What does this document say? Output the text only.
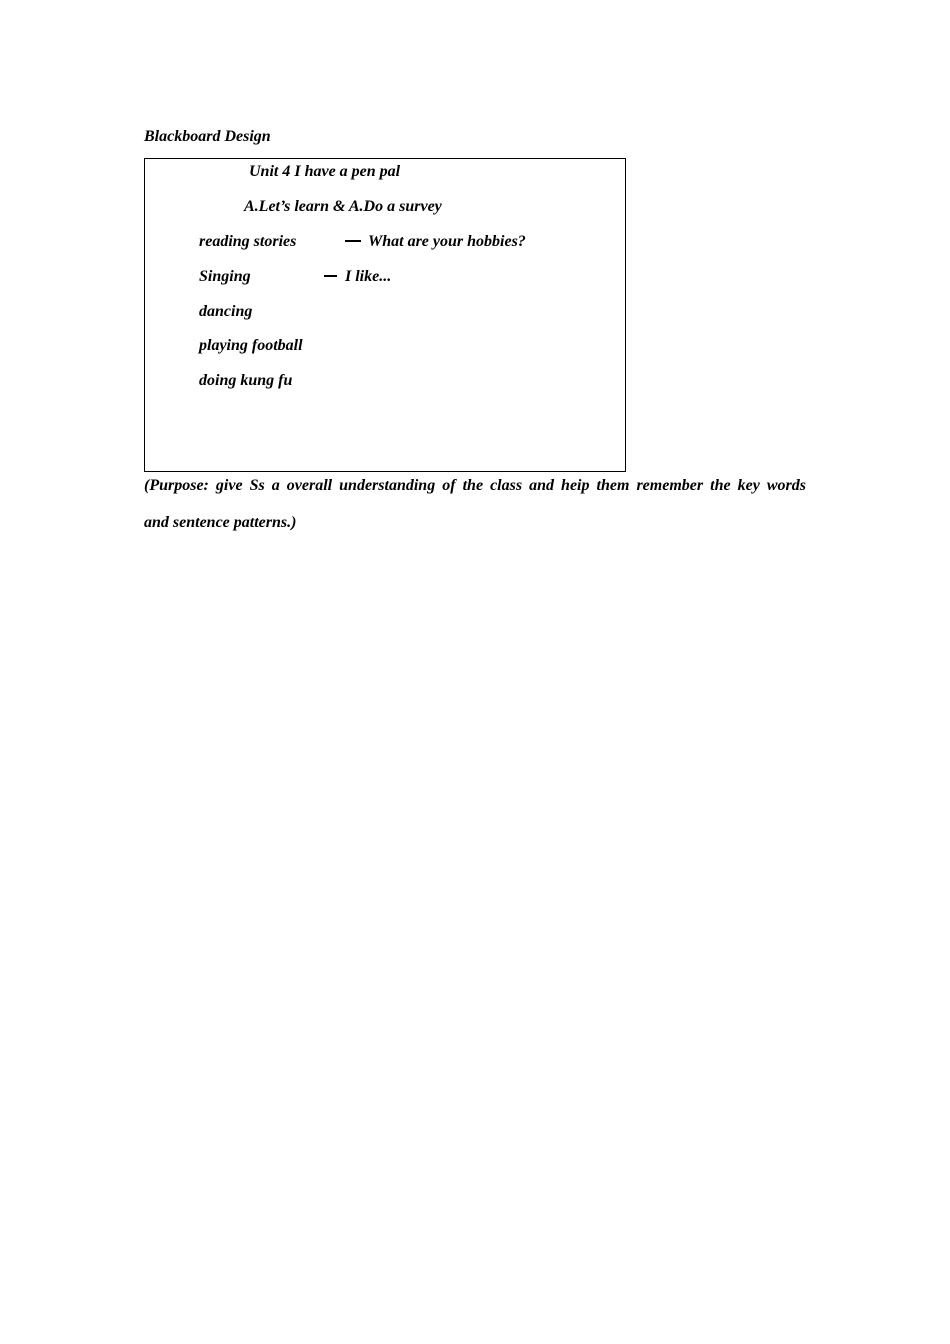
Blackboard Design
Unit 4 I have a pen pal
A.Let’s learn & A.Do a survey
reading stories
Singing
dancing
playing football
doing kung fu
What are your hobbies?
I like...
(Purpose: give Ss a overall understanding of the class and heip them remember the key words
and sentence patterns.)
